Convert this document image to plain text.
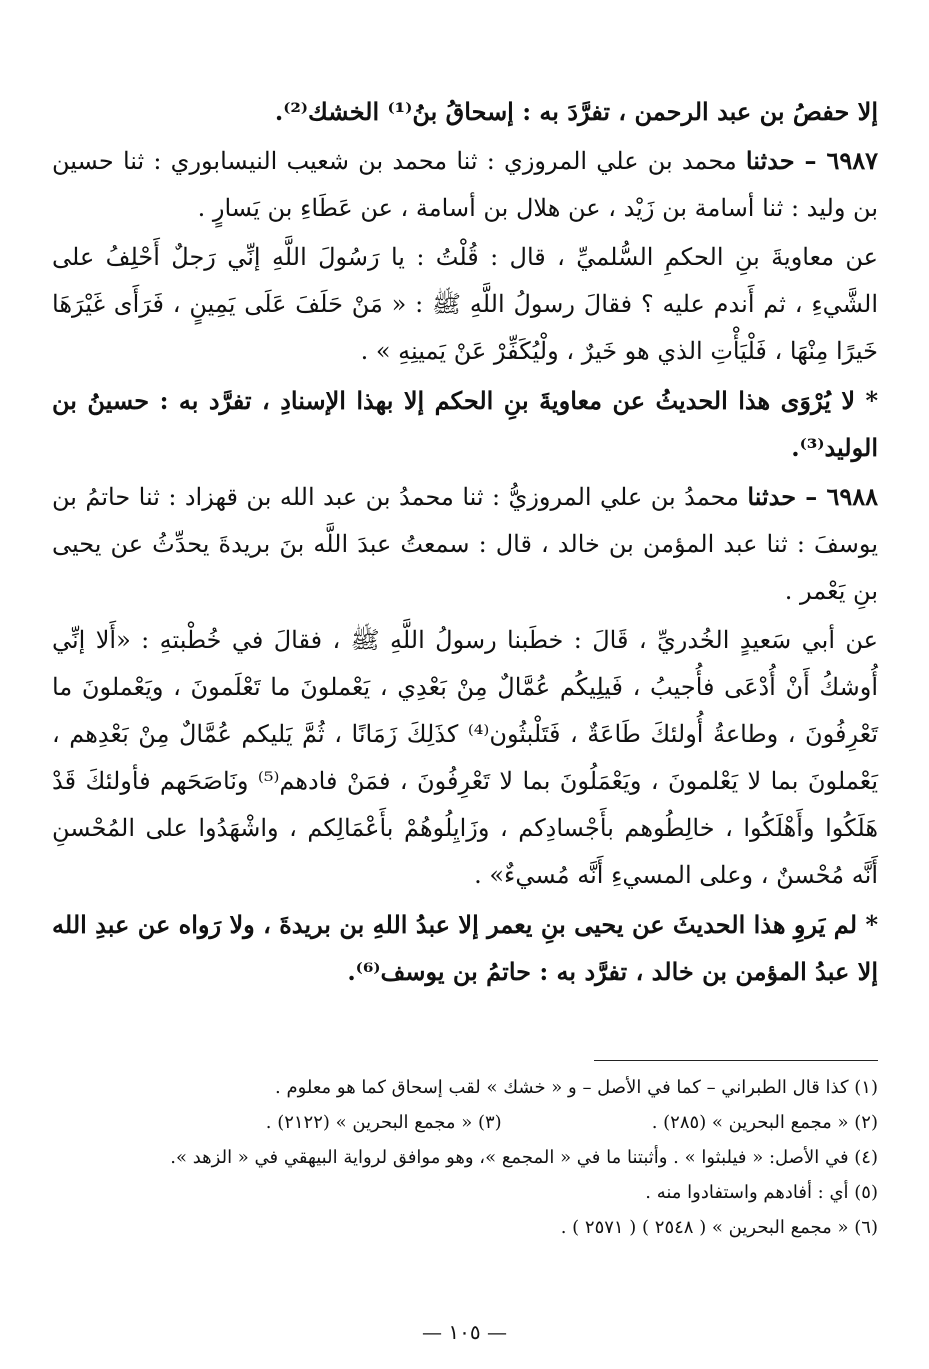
إلا حفصُ بن عبد الرحمن ، تفرَّدَ به : إسحاقُ بنُ⁽¹⁾ الخشك⁽²⁾.

٦٩٨٧ – حدثنا محمد بن علي المروزي : ثنا محمد بن شعيب النيسابوري : ثنا حسين بن وليد : ثنا أسامة بن زَيْد ، عن هلال بن أسامة ، عن عَطَاءِ بن يَسارٍ .

عن معاويةَ بنِ الحكمِ السُّلميِّ ، قال : قُلْتُ : يا رَسُولَ اللَّهِ إنِّي رَجلٌ أَحْلِفُ على الشَّيءِ ، ثم أَندم عليه ؟ فقالَ رسولُ اللَّهِ ﷺ : « مَنْ حَلَفَ عَلَى يَمِينٍ ، فَرَأَى غَيْرَهَا خَيرًا مِنْهَا ، فَلْيَأْتِ الذي هو خَيرٌ ، ولْيُكَفِّرْ عَنْ يَمينِهِ » .

* لا يُرْوَى هذا الحديثُ عن معاويةَ بنِ الحكم إلا بهذا الإسنادِ ، تفرَّد به : حسينُ بن الوليد⁽³⁾.

٦٩٨٨ – حدثنا محمدُ بن علي المروزيُّ : ثنا محمدُ بن عبد الله بن قهزاد : ثنا حاتمُ بن يوسفَ : ثنا عبد المؤمن بن خالد ، قال : سمعتُ عبدَ اللَّه بنَ بريدةَ يحدِّثُ عن يحيى بنِ يَعْمر .

عن أبي سَعيدٍ الخُدريِّ ، قَالَ : خطَبنا رسولُ اللَّهِ ﷺ ، فقالَ في خُطْبتهِ : «أَلا إنِّي أُوشكُ أَنْ أُدْعَى فأُجيبُ ، فَيلِيكُم عُمَّالٌ مِنْ بَعْدِي ، يَعْملونَ ما تَعْلَمونَ ، ويَعْملونَ ما تَعْرِفُونَ ، وطاعةُ أُولئكَ طَاعَةٌ ، فَتَلْبثُون⁽⁴⁾ كذَلِكَ زَمَانًا ، ثُمَّ يَليكم عُمَّالٌ مِنْ بَعْدِهم ، يَعْملونَ بما لا يَعْلمونَ ، ويَعْمَلُونَ بما لا تَعْرِفُونَ ، فمَنْ فادهم⁽⁵⁾ ونَاصَحَهم فأولئكَ قَدْ هَلَكُوا وأَهْلَكُوا ، خالِطُوهم بأَجْسادِكم ، وزَايِلُوهُمْ بأَعْمَالِكم ، واشْهَدُوا على المُحْسنِ أَنَّه مُحْسنٌ ، وعلى المسيءِ أَنَّه مُسيءٌ» .

* لم يَروِ هذا الحديثَ عن يحيى بنِ يعمر إلا عبدُ اللهِ بن بريدةَ ، ولا رَواه عن عبدِ الله إلا عبدُ المؤمن بن خالد ، تفرَّد به : حاتمُ بن يوسف⁽⁶⁾.

(١) كذا قال الطبراني – كما في الأصل – و « خشك » لقب إسحاق كما هو معلوم .

(٢) « مجمع البحرين » (٢٨٥) .

(٣) « مجمع البحرين » (٢١٢٢) .

(٤) في الأصل: « فيلبثوا » . وأثبتنا ما في « المجمع »، وهو موافق لرواية البيهقي في « الزهد ».

(٥) أي : أفادهم واستفادوا منه .

(٦) « مجمع البحرين » ( ٢٥٤٨ ) ( ٢٥٧١ ) .

— ١٠٥ —
